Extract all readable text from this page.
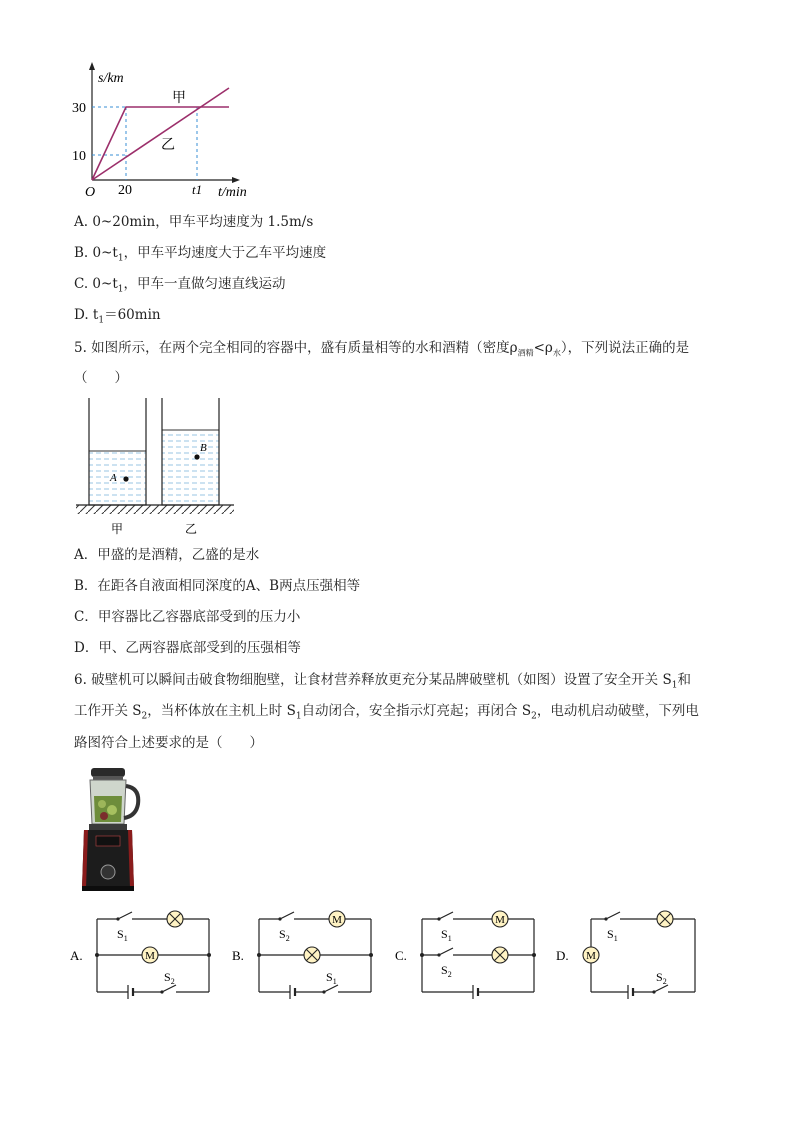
s/km
30
10
O 20	t1 t/min
甲
乙
A. 0~20min，甲车平均速度为 1.5m/s
B. $0\sim t_1$，甲车平均速度大于乙车平均速度
C. $0\sim t_1$，甲车一直做匀速直线运动
D. $t_1=60\min$
5. 如图所示，在两个完全相同的容器中，盛有质量相等的水和酒精（密度$\rho_{酒精}<\rho_水$），下列说法正确的是
（　　）
A
B
甲	乙
A．甲盛的是酒精，乙盛的是水
B．在距各自液面相同深度的A、B两点压强相等
C．甲容器比乙容器底部受到的压力小
D．甲、乙两容器底部受到的压强相等
6. 破壁机可以瞬间击破食物细胞壁，让食材营养释放更充分某品牌破壁机（如图）设置了安全开关 $S_1$和
工作开关 $S_2$，当杯体放在主机上时 $S_1$自动闭合，安全指示灯亮起；再闭合 $S_2$，电动机启动破壁，下列电
路图符合上述要求的是（　　）
A.
$S_1$
M
$S_2$
B.
M
$S_2$
$S_1$
C.
M
$S_1$
$S_2$
D.
$S_1$
M
$S_2$
